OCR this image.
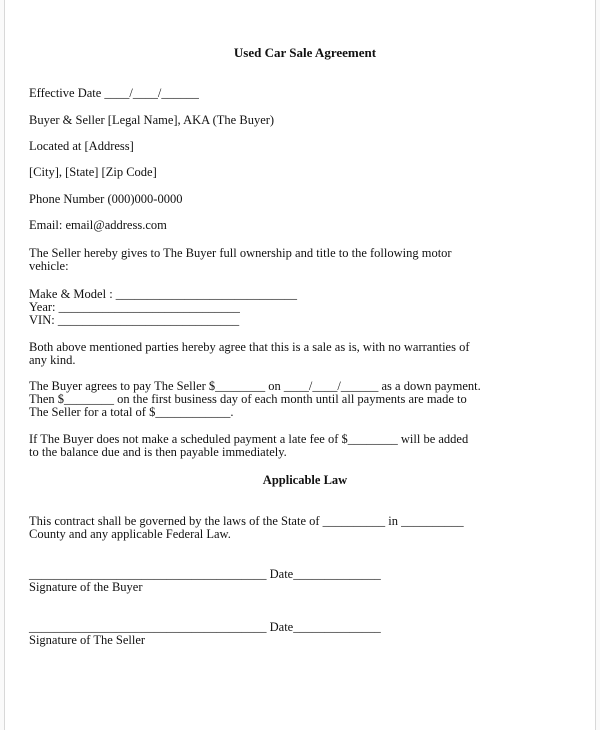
Used Car Sale Agreement
Effective Date ____/____/______
Buyer & Seller [Legal Name], AKA (The Buyer)
Located at [Address]
[City], [State] [Zip Code]
Phone Number (000)000-0000
Email: email@address.com
The Seller hereby gives to The Buyer full ownership and title to the following motor
vehicle:
Make & Model : _____________________________
Year: _____________________________
VIN: _____________________________
Both above mentioned parties hereby agree that this is a sale as is, with no warranties of
any kind.
The Buyer agrees to pay The Seller $________ on ____/____/______ as a down payment.
Then $________ on the first business day of each month until all payments are made to
The Seller for a total of $____________.
If The Buyer does not make a scheduled payment a late fee of $________ will be added
to the balance due and is then payable immediately.
Applicable Law
This contract shall be governed by the laws of the State of __________ in __________
County and any applicable Federal Law.
______________________________________ Date______________
Signature of the Buyer
______________________________________ Date______________
Signature of The Seller
